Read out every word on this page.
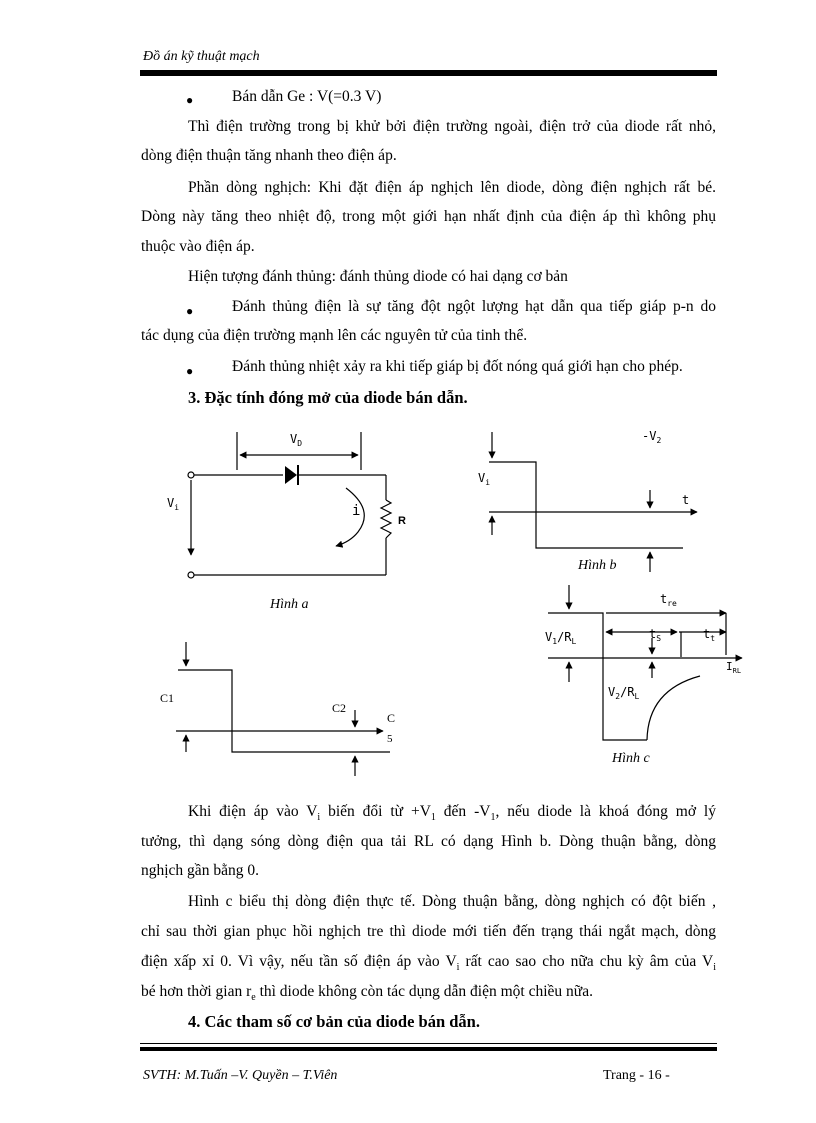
Đồ án kỹ thuật mạch
●	Bán dẫn Ge : V(=0.3 V)
Thì điện trường trong bị khử bởi điện trường ngoài, điện trở của diode rất nhỏ,
dòng điện thuận tăng nhanh theo điện áp.
Phần dòng nghịch: Khi đặt điện áp nghịch lên diode, dòng điện nghịch rất bé.
Dòng này tăng theo nhiệt độ, trong một giới hạn nhất định của điện áp thì không phụ
thuộc vào điện áp.
Hiện tượng đánh thủng: đánh thủng diode có hai dạng cơ bản
●	Đánh thủng điện là sự tăng đột ngột lượng hạt dẫn qua tiếp giáp p-n do
tác dụng của điện trường mạnh lên các nguyên tử của tinh thể.
●	Đánh thủng nhiệt xảy ra khi tiếp giáp bị đốt nóng quá giới hạn cho phép.
3. Đặc tính đóng mở của diode bán dẫn.
$V_D$
$V_i$	i
R
Hình a
$-V_2$
$V_i$
t
Hình b
$t_{re}$
$V_1/R_L$
$t_S$	$t_t$
$I_{RL}$
$V_2/R_L$
Hình c
C1
C2
C
5
Khi điện áp vào $V_i$ biến đổi từ $+V_1$ đến $-V_1$, nếu diode là khoá đóng mở lý
tưởng, thì dạng sóng dòng điện qua tải RL có dạng Hình b. Dòng thuận bằng, dòng
nghịch gần bằng 0.
Hình c biểu thị dòng điện thực tế. Dòng thuận bằng, dòng nghịch có đột biến ,
chỉ sau thời gian phục hồi nghịch tre thì diode mới tiến đến trạng thái ngắt mạch, dòng
điện xấp xỉ 0. Vì vậy, nếu tần số điện áp vào $V_i$ rất cao sao cho nữa chu kỳ âm của $V_i$
bé hơn thời gian $r_e$ thì diode không còn tác dụng dẫn điện một chiều nữa.
4. Các tham số cơ bản của diode bán dẫn.
SVTH: M.Tuấn –V. Quyền – T.Viên	Trang - 16 -
